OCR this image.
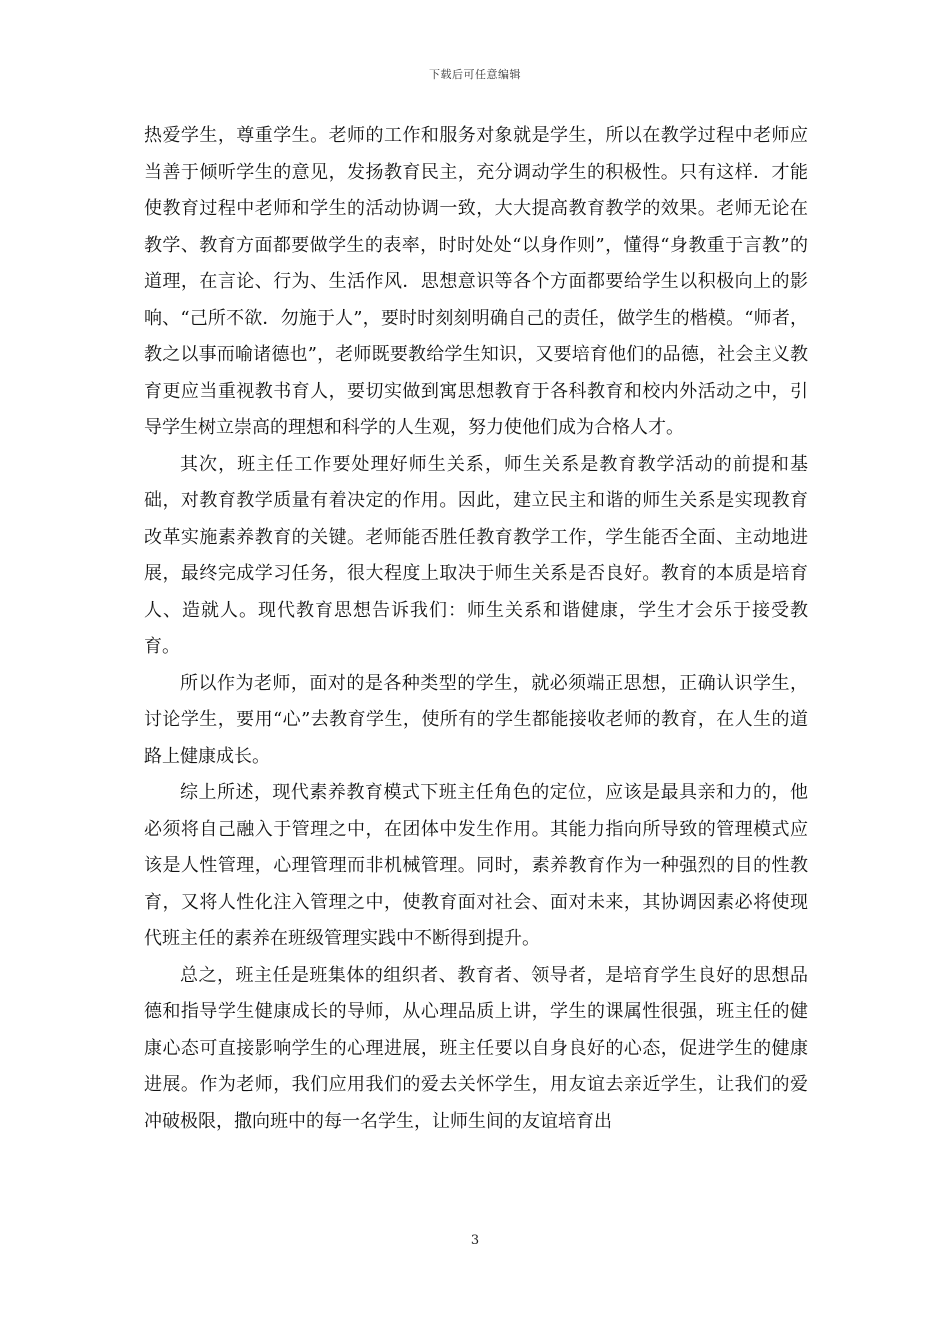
下载后可任意编辑

热爱学生，尊重学生。老师的工作和服务对象就是学生，所以在教学过程中老师应当善于倾听学生的意见，发扬教育民主，充分调动学生的积极性。只有这样．才能使教育过程中老师和学生的活动协调一致，大大提高教育教学的效果。老师无论在教学、教育方面都要做学生的表率，时时处处“以身作则”，懂得“身教重于言教”的道理，在言论、行为、生活作风．思想意识等各个方面都要给学生以积极向上的影响、“己所不欲．勿施于人”，要时时刻刻明确自己的责任，做学生的楷模。“师者，教之以事而喻诸德也”，老师既要教给学生知识，又要培育他们的品德，社会主义教育更应当重视教书育人，要切实做到寓思想教育于各科教育和校内外活动之中，引导学生树立崇高的理想和科学的人生观，努力使他们成为合格人才。

其次，班主任工作要处理好师生关系，师生关系是教育教学活动的前提和基础，对教育教学质量有着决定的作用。因此，建立民主和谐的师生关系是实现教育改革实施素养教育的关键。老师能否胜任教育教学工作，学生能否全面、主动地进展，最终完成学习任务，很大程度上取决于师生关系是否良好。教育的本质是培育人、造就人。现代教育思想告诉我们：师生关系和谐健康，学生才会乐于接受教育。

所以作为老师，面对的是各种类型的学生，就必须端正思想，正确认识学生，讨论学生，要用“心”去教育学生，使所有的学生都能接收老师的教育，在人生的道路上健康成长。

综上所述，现代素养教育模式下班主任角色的定位，应该是最具亲和力的，他必须将自己融入于管理之中，在团体中发生作用。其能力指向所导致的管理模式应该是人性管理，心理管理而非机械管理。同时，素养教育作为一种强烈的目的性教育，又将人性化注入管理之中，使教育面对社会、面对未来，其协调因素必将使现代班主任的素养在班级管理实践中不断得到提升。

总之，班主任是班集体的组织者、教育者、领导者，是培育学生良好的思想品德和指导学生健康成长的导师，从心理品质上讲，学生的课属性很强，班主任的健康心态可直接影响学生的心理进展，班主任要以自身良好的心态，促进学生的健康进展。作为老师，我们应用我们的爱去关怀学生，用友谊去亲近学生，让我们的爱冲破极限，撒向班中的每一名学生，让师生间的友谊培育出

3
